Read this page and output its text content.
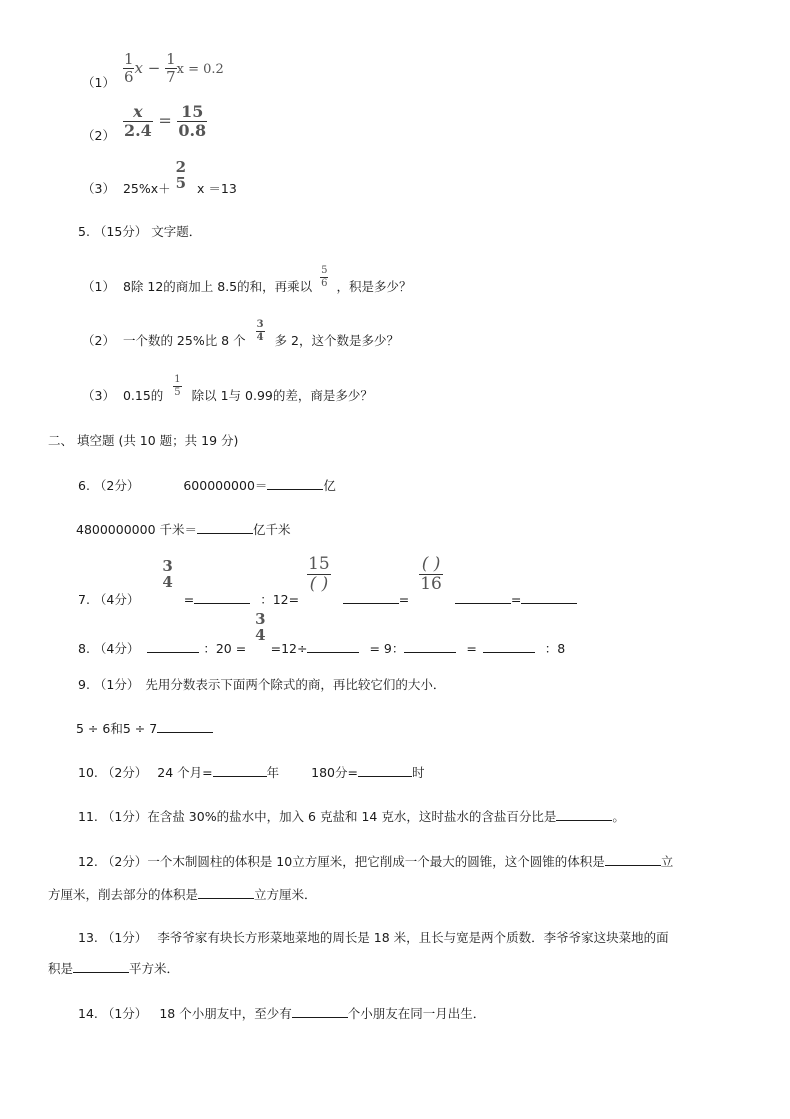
$(1) \frac{1}{6}$ $x - \frac{1}{7}$ x = 0.2
$(2) \frac{x}{2.4} = \frac{15}{0.8}$
（3） 25%x＋
2
5 x ＝13
5. （15分） 文字题．
（1） 8除 12的商加上 8.5的和，再乘以 $\frac{5}{6}$ ，积是多少？
（2） 一个数的 25%比 8 个 $\frac{3}{4}$ 多 2，这个数是多少？
（3） 0.15的 $\frac{1}{5}$ 除以 1与 0.99的差，商是多少？
二、 填空题 (共 10 题；共 19 分)
6. （2分）	600000000＝	亿
4800000000 千米＝	亿千米
7. （4分）
3
4
=	：12=
$\frac{15}{( )}$
=
$\frac{( )}{16}$
=
8. （4分）	：20 =
3
4
=12÷	= 9：	=	：8
9. （1分） 先用分数表示下面两个除式的商，再比较它们的大小．
5 ÷ 6和5 ÷ 7
10. （2分） 24 个月=	年	180分=	时
11. （1分）在含盐 30%的盐水中，加入 6 克盐和 14 克水，这时盐水的含盐百分比是	。
12. （2分）一个木制圆柱的体积是 10立方厘米，把它削成一个最大的圆锥，这个圆锥的体积是	立
方厘米，削去部分的体积是	立方厘米．
13. （1分） 李爷爷家有块长方形菜地菜地的周长是 18 米，且长与宽是两个质数．李爷爷家这块菜地的面
积是	平方米．
14. （1分） 18 个小朋友中，至少有	个小朋友在同一月出生．
